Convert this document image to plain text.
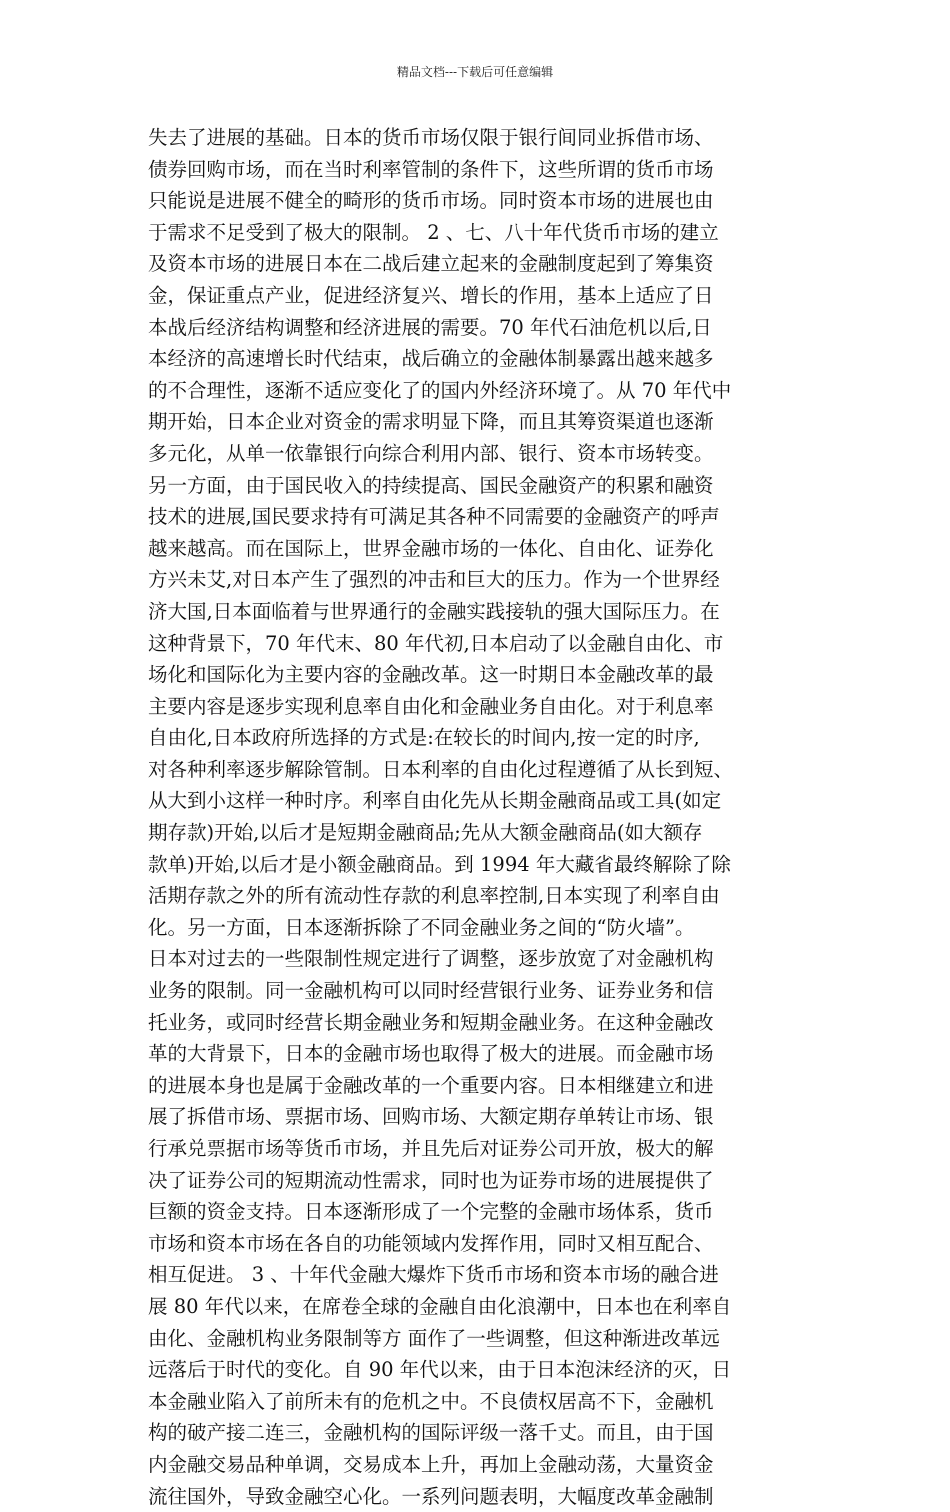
精品文档---下载后可任意编辑
失去了进展的基础。日本的货币市场仅限于银行间同业拆借市场、
债券回购市场，而在当时利率管制的条件下，这些所谓的货币市场
只能说是进展不健全的畸形的货币市场。同时资本市场的进展也由
于需求不足受到了极大的限制。 2 、七、八十年代货币市场的建立
及资本市场的进展日本在二战后建立起来的金融制度起到了筹集资
金，保证重点产业，促进经济复兴、增长的作用，基本上适应了日
本战后经济结构调整和经济进展的需要。70 年代石油危机以后,日
本经济的高速增长时代结束，战后确立的金融体制暴露出越来越多
的不合理性，逐渐不适应变化了的国内外经济环境了。从 70 年代中
期开始，日本企业对资金的需求明显下降，而且其筹资渠道也逐渐
多元化，从单一依靠银行向综合利用内部、银行、资本市场转变。
另一方面，由于国民收入的持续提高、国民金融资产的积累和融资
技术的进展,国民要求持有可满足其各种不同需要的金融资产的呼声
越来越高。而在国际上，世界金融市场的一体化、自由化、证券化
方兴未艾,对日本产生了强烈的冲击和巨大的压力。作为一个世界经
济大国,日本面临着与世界通行的金融实践接轨的强大国际压力。在
这种背景下，70 年代末、80 年代初,日本启动了以金融自由化、市
场化和国际化为主要内容的金融改革。这一时期日本金融改革的最
主要内容是逐步实现利息率自由化和金融业务自由化。对于利息率
自由化,日本政府所选择的方式是:在较长的时间内,按一定的时序,
对各种利率逐步解除管制。日本利率的自由化过程遵循了从长到短、
从大到小这样一种时序。利率自由化先从长期金融商品或工具(如定
期存款)开始,以后才是短期金融商品;先从大额金融商品(如大额存
款单)开始,以后才是小额金融商品。到 1994 年大藏省最终解除了除
活期存款之外的所有流动性存款的利息率控制,日本实现了利率自由
化。另一方面，日本逐渐拆除了不同金融业务之间的“防火墙”。
日本对过去的一些限制性规定进行了调整，逐步放宽了对金融机构
业务的限制。同一金融机构可以同时经营银行业务、证券业务和信
托业务，或同时经营长期金融业务和短期金融业务。在这种金融改
革的大背景下，日本的金融市场也取得了极大的进展。而金融市场
的进展本身也是属于金融改革的一个重要内容。日本相继建立和进
展了拆借市场、票据市场、回购市场、大额定期存单转让市场、银
行承兑票据市场等货币市场，并且先后对证券公司开放，极大的解
决了证券公司的短期流动性需求，同时也为证券市场的进展提供了
巨额的资金支持。日本逐渐形成了一个完整的金融市场体系，货币
市场和资本市场在各自的功能领域内发挥作用，同时又相互配合、
相互促进。 3 、十年代金融大爆炸下货币市场和资本市场的融合进
展 80 年代以来，在席卷全球的金融自由化浪潮中，日本也在利率自
由化、金融机构业务限制等方 面作了一些调整，但这种渐进改革远
远落后于时代的变化。自 90 年代以来，由于日本泡沫经济的灭，日
本金融业陷入了前所未有的危机之中。不良债权居高不下，金融机
构的破产接二连三，金融机构的国际评级一落千丈。而且，由于国
内金融交易品种单调，交易成本上升，再加上金融动荡，大量资金
流往国外，导致金融空心化。一系列问题表明，大幅度改革金融制
